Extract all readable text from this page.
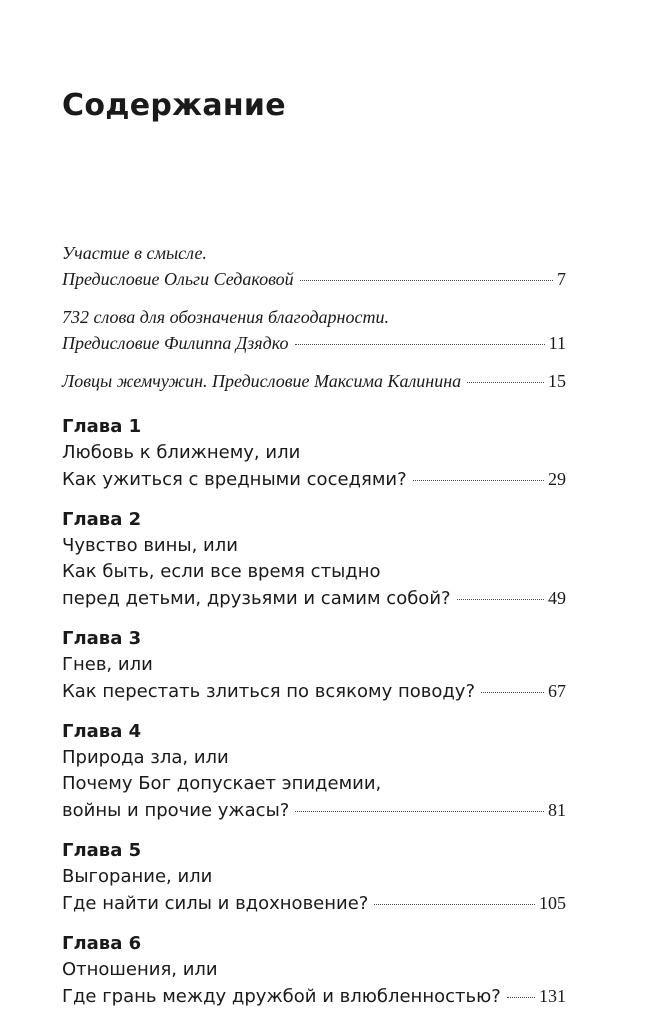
Содержание
Участие в смысле.
Предисловие Ольги Седаковой	7
732 слова для обозначения благодарности.
Предисловие Филиппа Дзядко	11
Ловцы жемчужин. Предисловие Максима Калинина	15
Глава 1
Любовь к ближнему, или
Как ужиться с вредными соседями?	29
Глава 2
Чувство вины, или
Как быть, если все время стыдно
перед детьми, друзьями и самим собой?	49
Глава 3
Гнев, или
Как перестать злиться по всякому поводу?	67
Глава 4
Природа зла, или
Почему Бог допускает эпидемии,
войны и прочие ужасы?	81
Глава 5
Выгорание, или
Где найти силы и вдохновение?	105
Глава 6
Отношения, или
Где грань между дружбой и влюбленностью? 131
